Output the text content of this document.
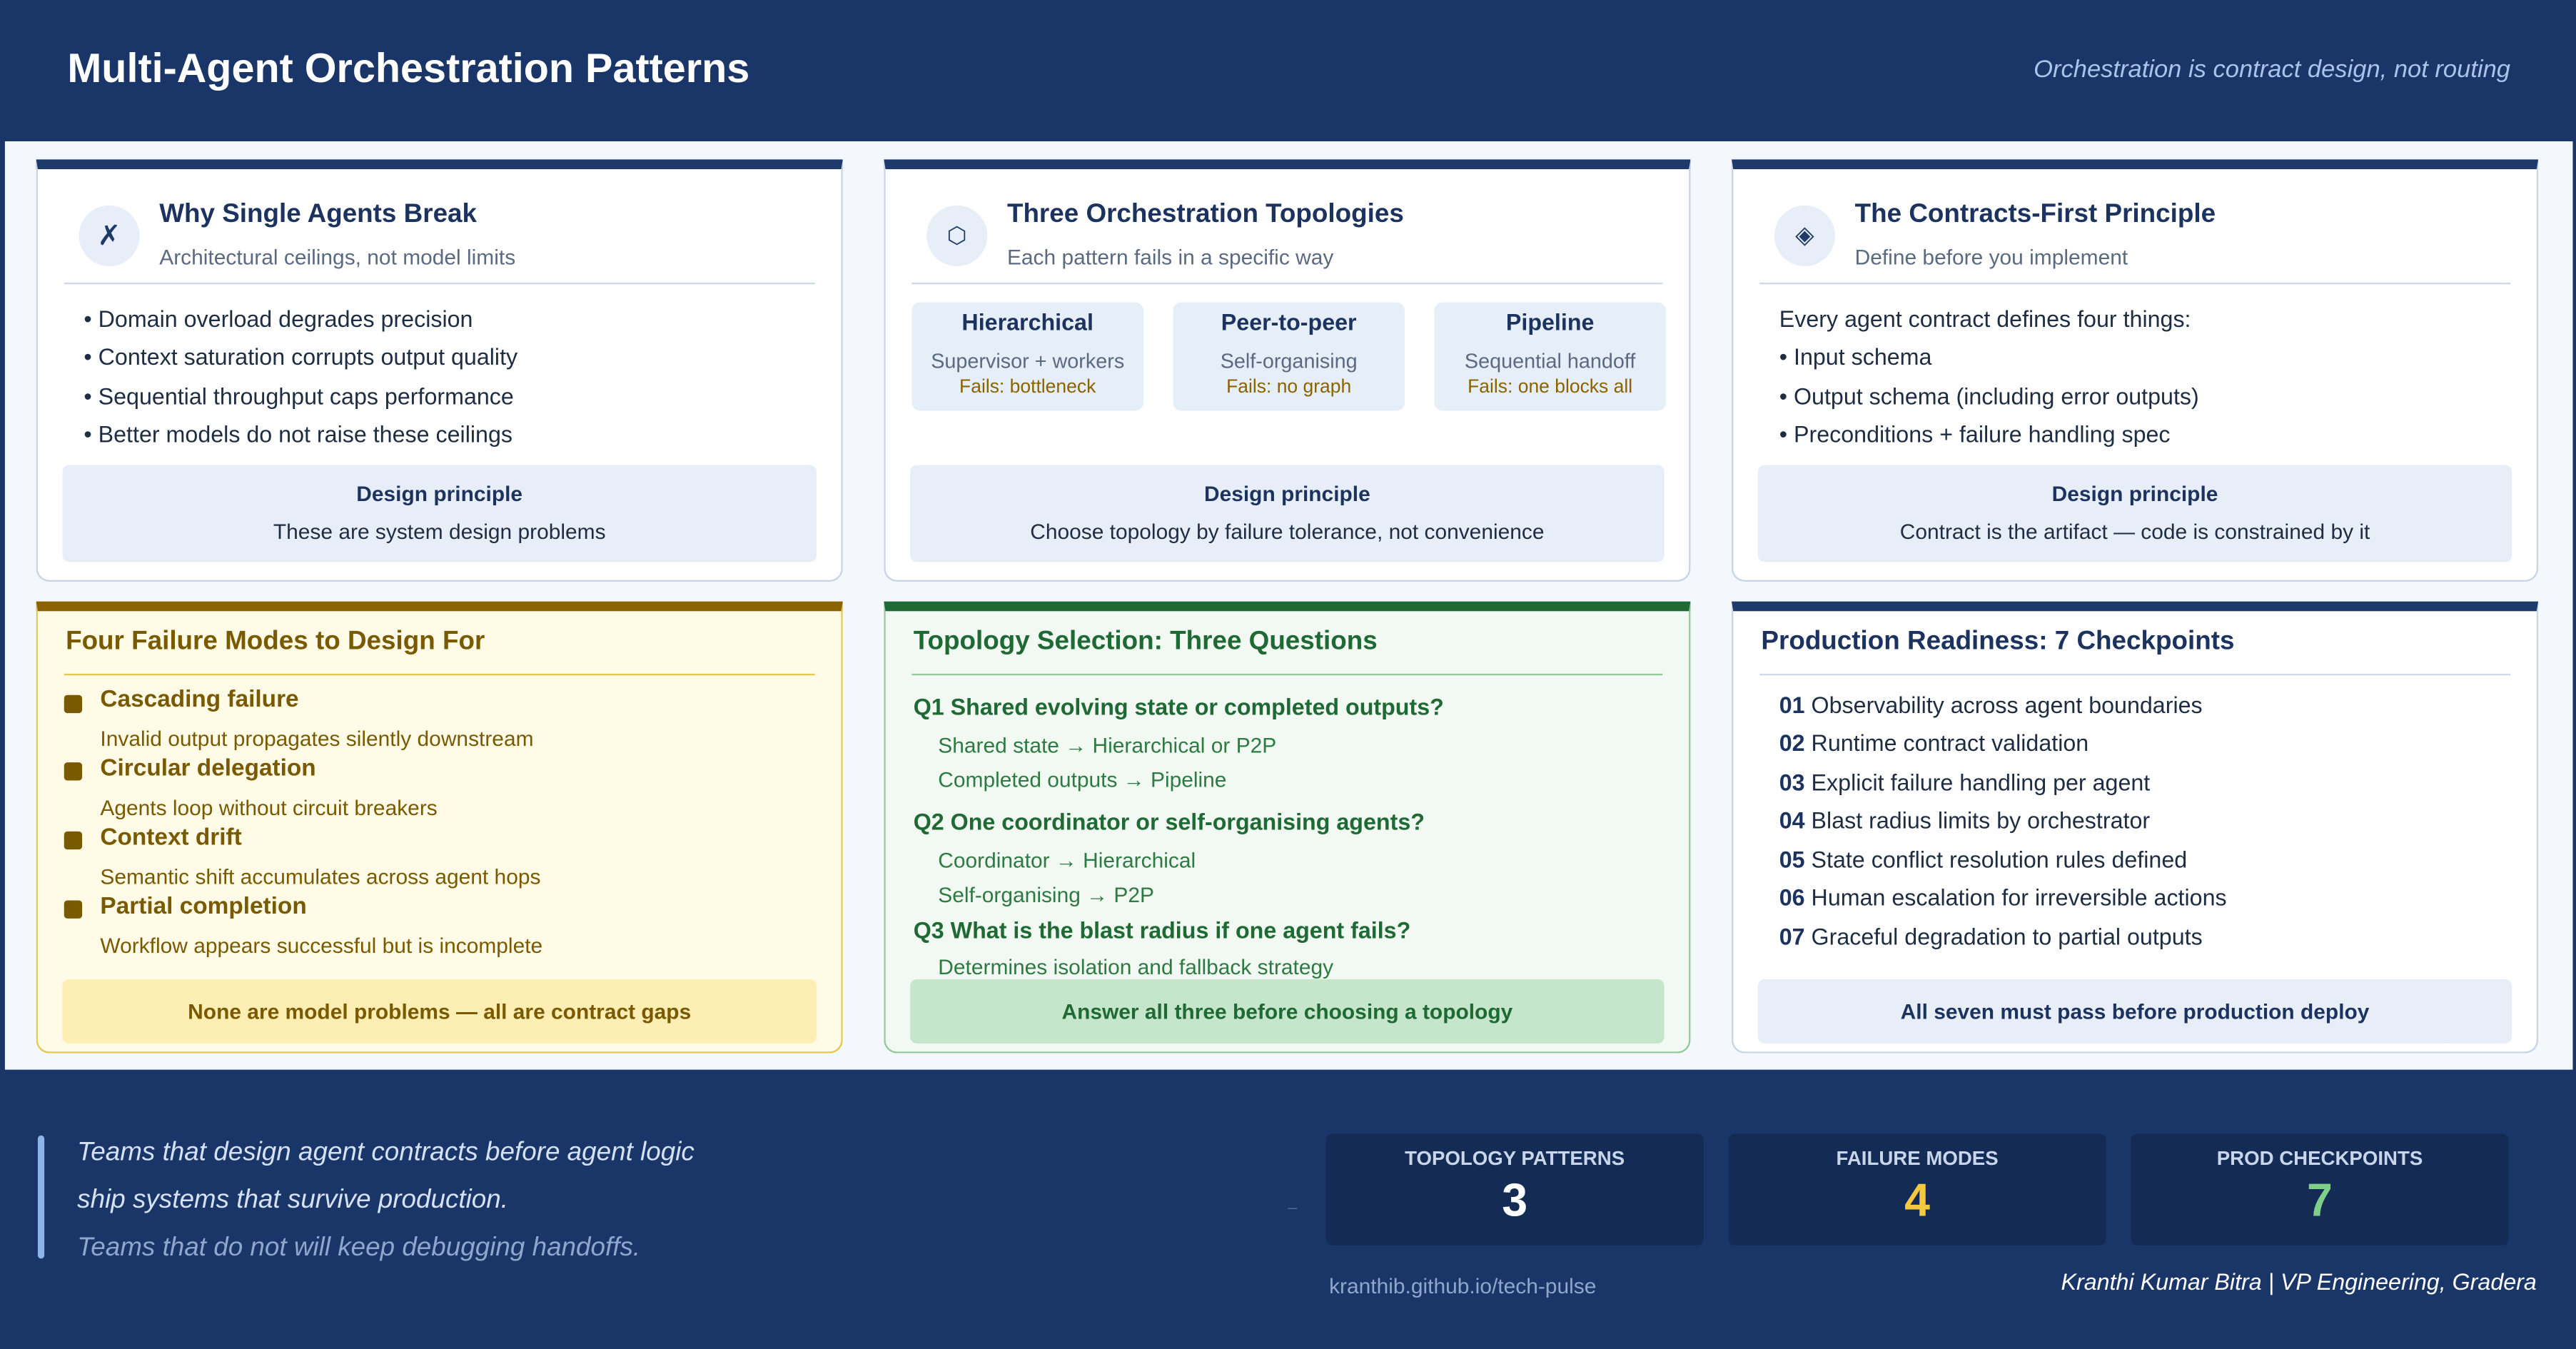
Multi-Agent Orchestration Patterns	Orchestration is contract design, not routing
✗
Why Single Agents Break
Architectural ceilings, not model limits
• Domain overload degrades precision
• Context saturation corrupts output quality
• Sequential throughput caps performance
• Better models do not raise these ceilings
Design principle
These are system design problems
⬡
Three Orchestration Topologies
Each pattern fails in a specific way
Hierarchical
Supervisor + workers
Fails: bottleneck
Peer-to-peer
Self-organising
Fails: no graph
Pipeline
Sequential handoff
Fails: one blocks all
Design principle
Choose topology by failure tolerance, not convenience
◈
The Contracts-First Principle
Define before you implement
Every agent contract defines four things:
• Input schema
• Output schema (including error outputs)
• Preconditions + failure handling spec
Design principle
Contract is the artifact — code is constrained by it
Four Failure Modes to Design For
Cascading failure
Invalid output propagates silently downstream
Circular delegation
Agents loop without circuit breakers
Context drift
Semantic shift accumulates across agent hops
Partial completion
Workflow appears successful but is incomplete
None are model problems — all are contract gaps
Topology Selection: Three Questions
Q1 Shared evolving state or completed outputs?
Shared state → Hierarchical or P2P
Completed outputs → Pipeline
Q2 One coordinator or self-organising agents?
Coordinator → Hierarchical
Self-organising → P2P
Q3 What is the blast radius if one agent fails?
Determines isolation and fallback strategy
Answer all three before choosing a topology
Production Readiness: 7 Checkpoints
01 Observability across agent boundaries
02 Runtime contract validation
03 Explicit failure handling per agent
04 Blast radius limits by orchestrator
05 State conflict resolution rules defined
06 Human escalation for irreversible actions
07 Graceful degradation to partial outputs
All seven must pass before production deploy
Teams that design agent contracts before agent logic
ship systems that survive production.
Teams that do not will keep debugging handoffs.
–
TOPOLOGY PATTERNS
3
FAILURE MODES
4
PROD CHECKPOINTS
7
kranthib.github.io/tech-pulse	Kranthi Kumar Bitra | VP Engineering, Gradera
